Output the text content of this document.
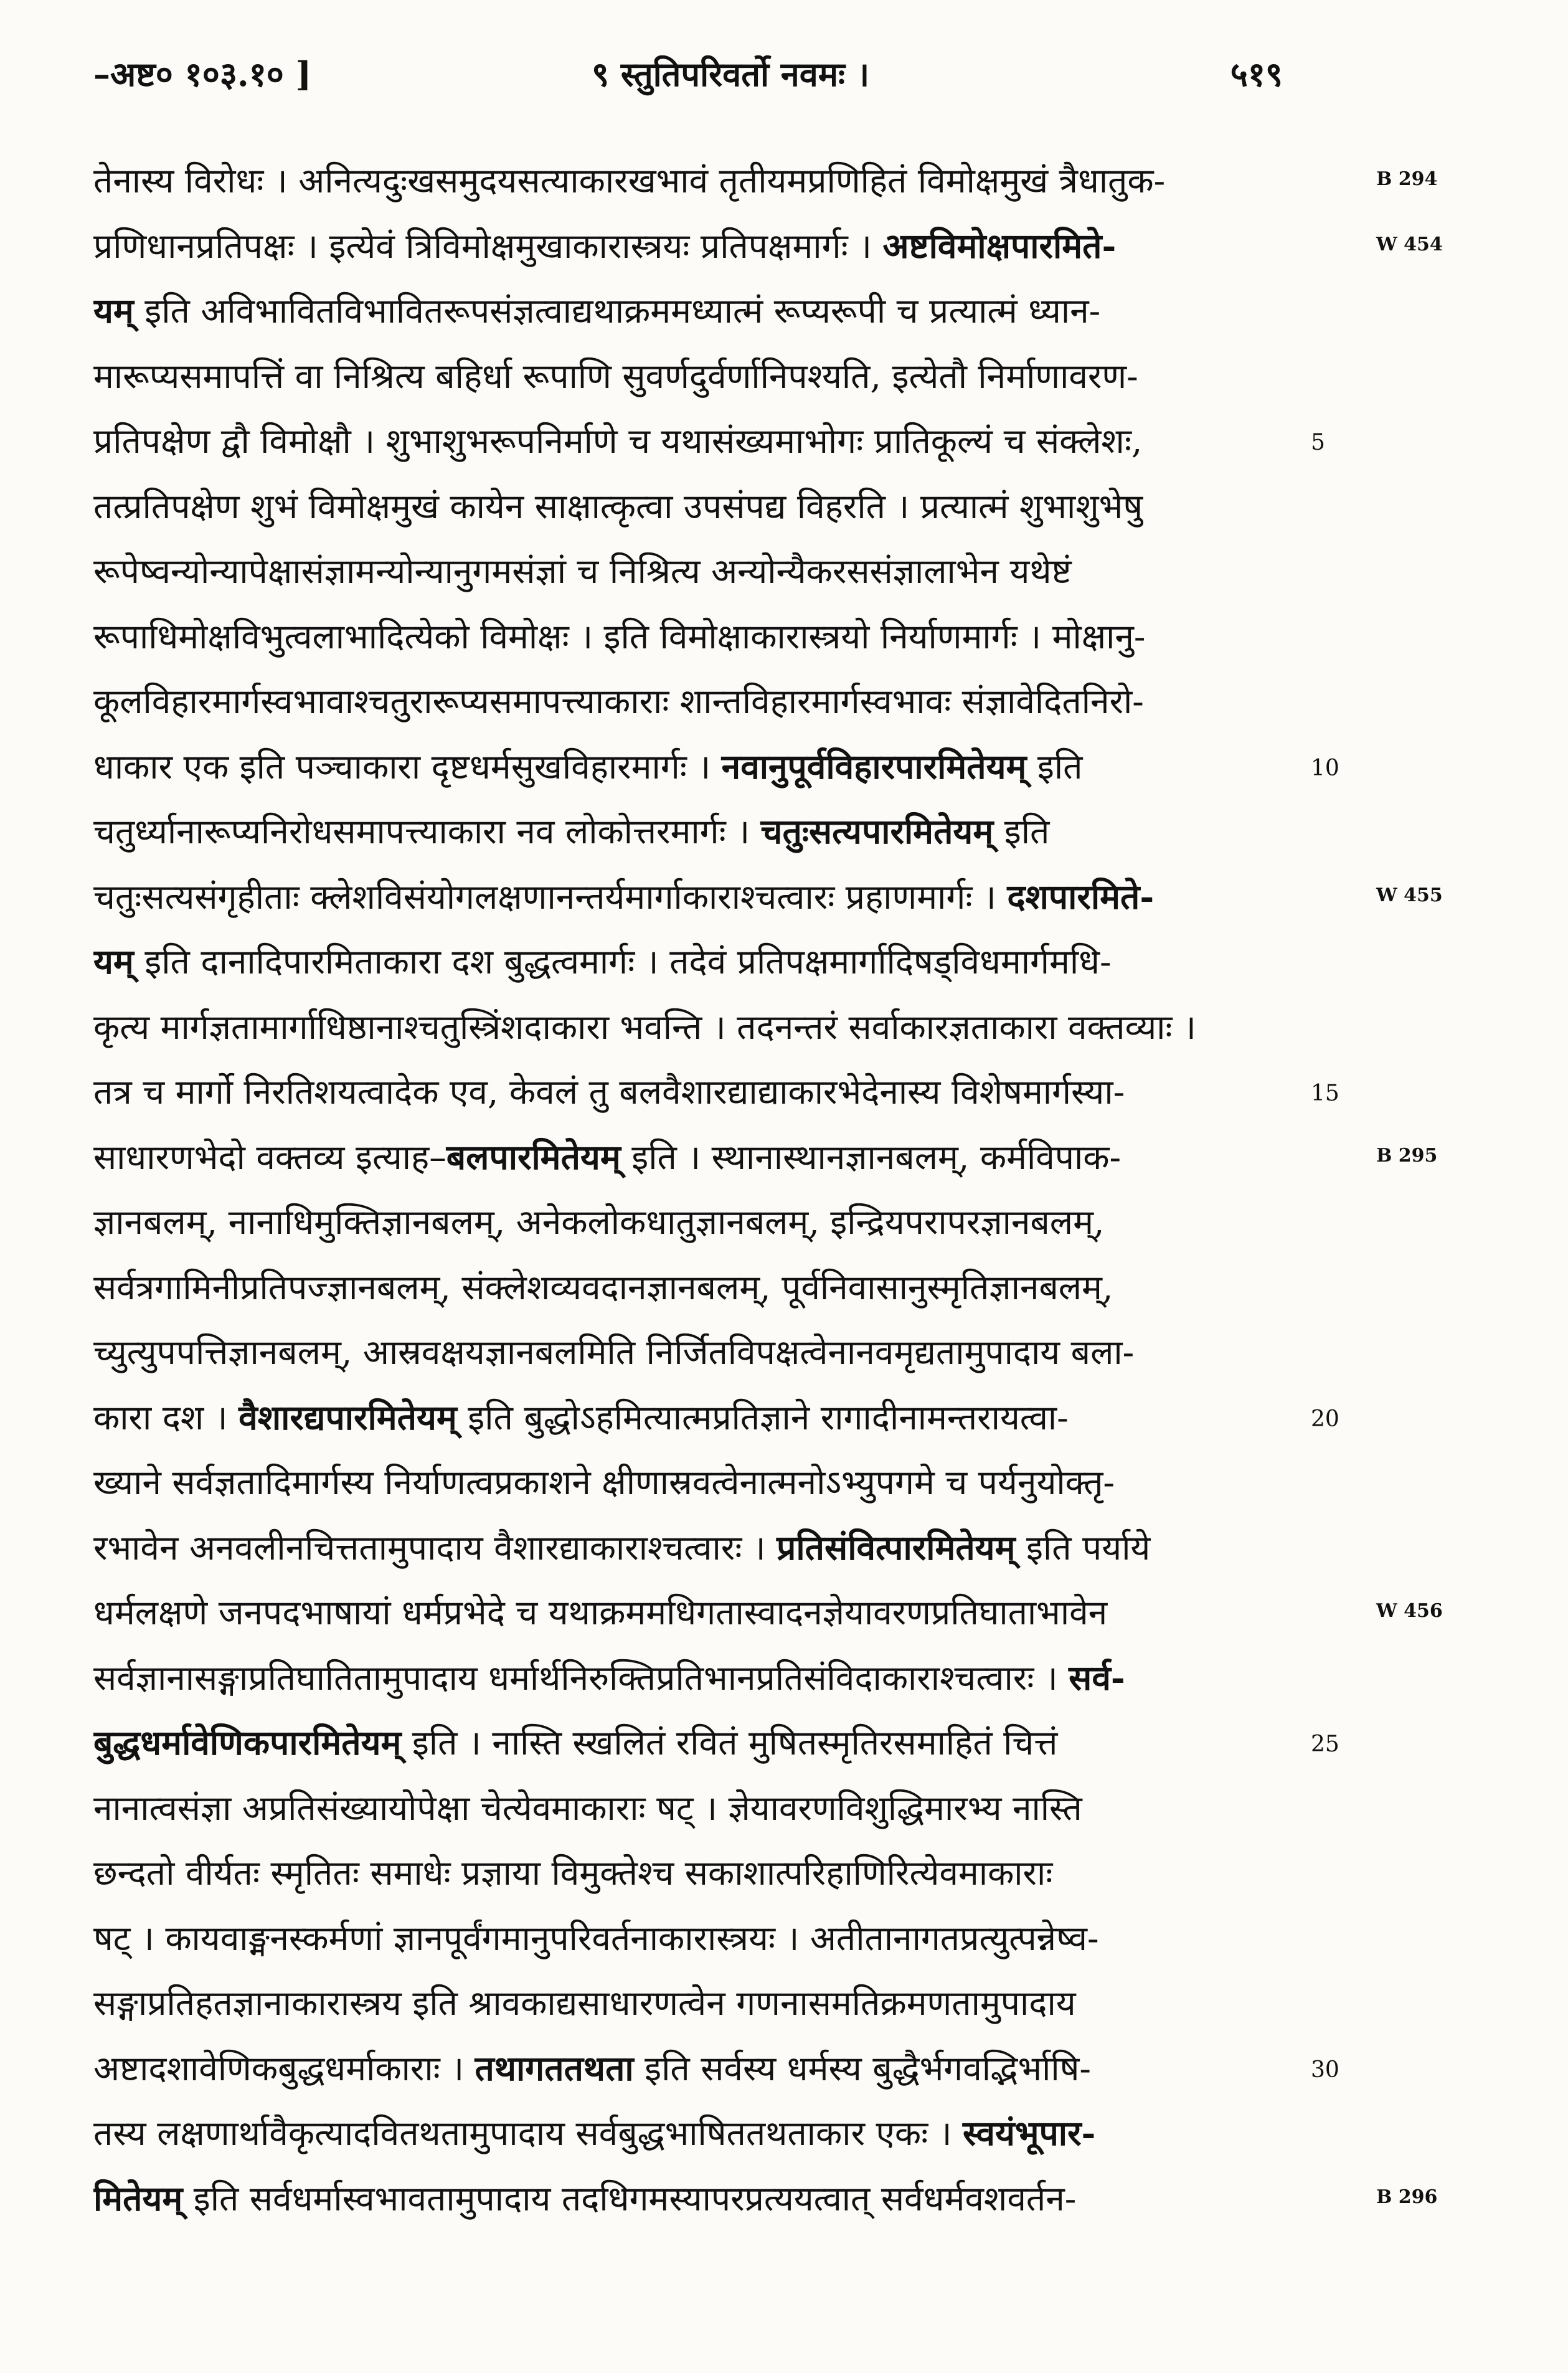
–अष्ट० १०३.१० ]	९ स्तुतिपरिवर्तो नवमः ।	५१९
तेनास्य विरोधः । अनित्यदुःखसमुदयसत्याकारखभावं तृतीयमप्रणिहितं विमोक्षमुखं त्रैधातुक-
प्रणिधानप्रतिपक्षः । इत्येवं त्रिविमोक्षमुखाकारास्त्रयः प्रतिपक्षमार्गः । अष्टविमोक्षपारमिते-
यम् इति अविभावितविभावितरूपसंज्ञत्वाद्यथाक्रममध्यात्मं रूप्यरूपी च प्रत्यात्मं ध्यान-
मारूप्यसमापत्तिं वा निश्रित्य बहिर्धा रूपाणि सुवर्णदुर्वर्णानिपश्यति, इत्येतौ निर्माणावरण-
प्रतिपक्षेण द्वौ विमोक्षौ । शुभाशुभरूपनिर्माणे च यथासंख्यमाभोगः प्रातिकूल्यं च संक्लेशः,
तत्प्रतिपक्षेण शुभं विमोक्षमुखं कायेन साक्षात्कृत्वा उपसंपद्य विहरति । प्रत्यात्मं शुभाशुभेषु
रूपेष्वन्योन्यापेक्षासंज्ञामन्योन्यानुगमसंज्ञां च निश्रित्य अन्योन्यैकरससंज्ञालाभेन यथेष्टं
रूपाधिमोक्षविभुत्वलाभादित्येको विमोक्षः । इति विमोक्षाकारास्त्रयो निर्याणमार्गः । मोक्षानु-
कूलविहारमार्गस्वभावाश्चतुरारूप्यसमापत्त्याकाराः शान्तविहारमार्गस्वभावः संज्ञावेदितनिरो-
धाकार एक इति पञ्चाकारा दृष्टधर्मसुखविहारमार्गः । नवानुपूर्वविहारपारमितेयम् इति
चतुर्ध्यानारूप्यनिरोधसमापत्त्याकारा नव लोकोत्तरमार्गः । चतुःसत्यपारमितेयम् इति
चतुःसत्यसंगृहीताः क्लेशविसंयोगलक्षणानन्तर्यमार्गाकाराश्चत्वारः प्रहाणमार्गः । दशपारमिते-
यम् इति दानादिपारमिताकारा दश बुद्धत्वमार्गः । तदेवं प्रतिपक्षमार्गादिषड्विधमार्गमधि-
कृत्य मार्गज्ञतामार्गाधिष्ठानाश्चतुस्त्रिंशदाकारा भवन्ति । तदनन्तरं सर्वाकारज्ञताकारा वक्तव्याः ।
तत्र च मार्गो निरतिशयत्वादेक एव, केवलं तु बलवैशारद्याद्याकारभेदेनास्य विशेषमार्गस्या-
साधारणभेदो वक्तव्य इत्याह–बलपारमितेयम् इति । स्थानास्थानज्ञानबलम्, कर्मविपाक-
ज्ञानबलम्, नानाधिमुक्तिज्ञानबलम्, अनेकलोकधातुज्ञानबलम्, इन्द्रियपरापरज्ञानबलम्,
सर्वत्रगामिनीप्रतिपज्ज्ञानबलम्, संक्लेशव्यवदानज्ञानबलम्, पूर्वनिवासानुस्मृतिज्ञानबलम्,
च्युत्युपपत्तिज्ञानबलम्, आस्रवक्षयज्ञानबलमिति निर्जितविपक्षत्वेनानवमृद्यतामुपादाय बला-
कारा दश । वैशारद्यपारमितेयम् इति बुद्धोऽहमित्यात्मप्रतिज्ञाने रागादीनामन्तरायत्वा-
ख्याने सर्वज्ञतादिमार्गस्य निर्याणत्वप्रकाशने क्षीणास्रवत्वेनात्मनोऽभ्युपगमे च पर्यनुयोक्तृ-
रभावेन अनवलीनचित्ततामुपादाय वैशारद्याकाराश्चत्वारः । प्रतिसंवित्पारमितेयम् इति पर्याये
धर्मलक्षणे जनपदभाषायां धर्मप्रभेदे च यथाक्रममधिगतास्वादनज्ञेयावरणप्रतिघाताभावेन
सर्वज्ञानासङ्गाप्रतिघातितामुपादाय धर्मार्थनिरुक्तिप्रतिभानप्रतिसंविदाकाराश्चत्वारः । सर्व-
बुद्धधर्मावेणिकपारमितेयम् इति । नास्ति स्खलितं रवितं मुषितस्मृतिरसमाहितं चित्तं
नानात्वसंज्ञा अप्रतिसंख्यायोपेक्षा चेत्येवमाकाराः षट् । ज्ञेयावरणविशुद्धिमारभ्य नास्ति
छन्दतो वीर्यतः स्मृतितः समाधेः प्रज्ञाया विमुक्तेश्च सकाशात्परिहाणिरित्येवमाकाराः
षट् । कायवाङ्मनस्कर्मणां ज्ञानपूर्वंगमानुपरिवर्तनाकारास्त्रयः । अतीतानागतप्रत्युत्पन्नेष्व-
सङ्गाप्रतिहतज्ञानाकारास्त्रय इति श्रावकाद्यसाधारणत्वेन गणनासमतिक्रमणतामुपादाय
अष्टादशावेणिकबुद्धधर्माकाराः । तथागततथता इति सर्वस्य धर्मस्य बुद्धैर्भगवद्भिर्भाषि-
तस्य लक्षणार्थावैकृत्यादवितथतामुपादाय सर्वबुद्धभाषिततथताकार एकः । स्वयंभूपार-
मितेयम् इति सर्वधर्मास्वभावतामुपादाय तदधिगमस्यापरप्रत्ययत्वात् सर्वधर्मवशवर्तन-
5
10
15
20
25
30
B 294
W 454
W 455
B 295
W 456
B 296
